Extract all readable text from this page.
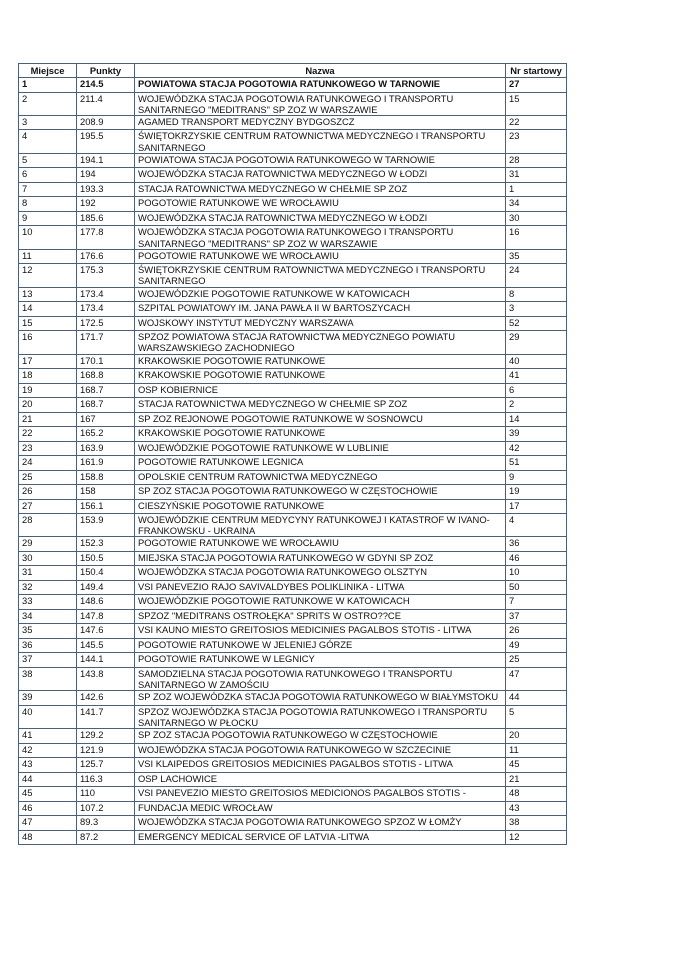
Miejsce	Punkty	Nazwa	Nr startowy
1	214.5	POWIATOWA STACJA POGOTOWIA RATUNKOWEGO W TARNOWIE	27
2	211.4	WOJEWÓDZKA STACJA POGOTOWIA RATUNKOWEGO I TRANSPORTU SANITARNEGO "MEDITRANS" SP ZOZ W WARSZAWIE	15
3	208.9	AGAMED TRANSPORT MEDYCZNY BYDGOSZCZ	22
4	195.5	ŚWIĘTOKRZYSKIE CENTRUM RATOWNICTWA MEDYCZNEGO I TRANSPORTU SANITARNEGO	23
5	194.1	POWIATOWA STACJA POGOTOWIA RATUNKOWEGO W TARNOWIE	28
6	194	WOJEWÓDZKA STACJA RATOWNICTWA MEDYCZNEGO W ŁODZI	31
7	193.3	STACJA RATOWNICTWA MEDYCZNEGO W CHEŁMIE SP ZOZ	1
8	192	POGOTOWIE RATUNKOWE WE WROCŁAWIU	34
9	185.6	WOJEWÓDZKA STACJA RATOWNICTWA MEDYCZNEGO W ŁODZI	30
10	177.8	WOJEWÓDZKA STACJA POGOTOWIA RATUNKOWEGO I TRANSPORTU SANITARNEGO "MEDITRANS" SP ZOZ W WARSZAWIE	16
11	176.6	POGOTOWIE RATUNKOWE WE WROCŁAWIU	35
12	175.3	ŚWIĘTOKRZYSKIE CENTRUM RATOWNICTWA MEDYCZNEGO I TRANSPORTU SANITARNEGO	24
13	173.4	WOJEWÓDZKIE POGOTOWIE RATUNKOWE W KATOWICACH	8
14	173.4	SZPITAL POWIATOWY IM. JANA PAWŁA II W BARTOSZYCACH	3
15	172.5	WOJSKOWY INSTYTUT MEDYCZNY WARSZAWA	52
16	171.7	SPZOZ POWIATOWA STACJA RATOWNICTWA MEDYCZNEGO POWIATU WARSZAWSKIEGO ZACHODNIEGO	29
17	170.1	KRAKOWSKIE POGOTOWIE RATUNKOWE	40
18	168.8	KRAKOWSKIE POGOTOWIE RATUNKOWE	41
19	168.7	OSP KOBIERNICE	6
20	168.7	STACJA RATOWNICTWA MEDYCZNEGO W CHEŁMIE SP ZOZ	2
21	167	SP ZOZ REJONOWE POGOTOWIE RATUNKOWE W SOSNOWCU	14
22	165.2	KRAKOWSKIE POGOTOWIE RATUNKOWE	39
23	163.9	WOJEWÓDZKIE POGOTOWIE RATUNKOWE W LUBLINIE	42
24	161.9	POGOTOWIE RATUNKOWE LEGNICA	51
25	158.8	OPOLSKIE CENTRUM RATOWNICTWA MEDYCZNEGO	9
26	158	SP ZOZ STACJA POGOTOWIA RATUNKOWEGO W CZĘSTOCHOWIE	19
27	156.1	CIESZYŃSKIE POGOTOWIE RATUNKOWE	17
28	153.9	WOJEWÓDZKIE CENTRUM MEDYCYNY RATUNKOWEJ I KATASTROF W IVANO-FRANKOWSKU - UKRAINA	4
29	152.3	POGOTOWIE RATUNKOWE WE WROCŁAWIU	36
30	150.5	MIEJSKA STACJA POGOTOWIA RATUNKOWEGO W GDYNI SP ZOZ	46
31	150.4	WOJEWÓDZKA STACJA POGOTOWIA RATUNKOWEGO OLSZTYN	10
32	149.4	VSI PANEVEZIO RAJO SAVIVALDYBES POLIKLINIKA - LITWA	50
33	148.6	WOJEWÓDZKIE POGOTOWIE RATUNKOWE W KATOWICACH	7
34	147.8	SPZOZ "MEDITRANS OSTROŁĘKA" SPRITS W OSTRO??CE	37
35	147.6	VSI KAUNO MIESTO GREITOSIOS MEDICINIES PAGALBOS STOTIS - LITWA	26
36	145.5	POGOTOWIE RATUNKOWE W JELENIEJ GÓRZE	49
37	144.1	POGOTOWIE RATUNKOWE W LEGNICY	25
38	143.8	SAMODZIELNA STACJA POGOTOWIA RATUNKOWEGO I TRANSPORTU SANITARNEGO W ZAMOŚCIU	47
39	142.6	SP ZOZ WOJEWÓDZKA STACJA POGOTOWIA RATUNKOWEGO W BIAŁYMSTOKU	44
40	141.7	SPZOZ WOJEWÓDZKA STACJA POGOTOWIA RATUNKOWEGO I TRANSPORTU SANITARNEGO W PŁOCKU	5
41	129.2	SP ZOZ STACJA POGOTOWIA RATUNKOWEGO W CZĘSTOCHOWIE	20
42	121.9	WOJEWÓDZKA STACJA POGOTOWIA RATUNKOWEGO W SZCZECINIE	11
43	125.7	VSI KLAIPEDOS GREITOSIOS MEDICINIES PAGALBOS STOTIS - LITWA	45
44	116.3	OSP LACHOWICE	21
45	110	VSI PANEVEZIO MIESTO GREITOSIOS MEDICIONOS PAGALBOS STOTIS -	48
46	107.2	FUNDACJA MEDIC WROCŁAW	43
47	89.3	WOJEWÓDZKA STACJA POGOTOWIA RATUNKOWEGO SPZOZ W ŁOMŻY	38
48	87.2	EMERGENCY MEDICAL SERVICE OF LATVIA -LITWA	12
